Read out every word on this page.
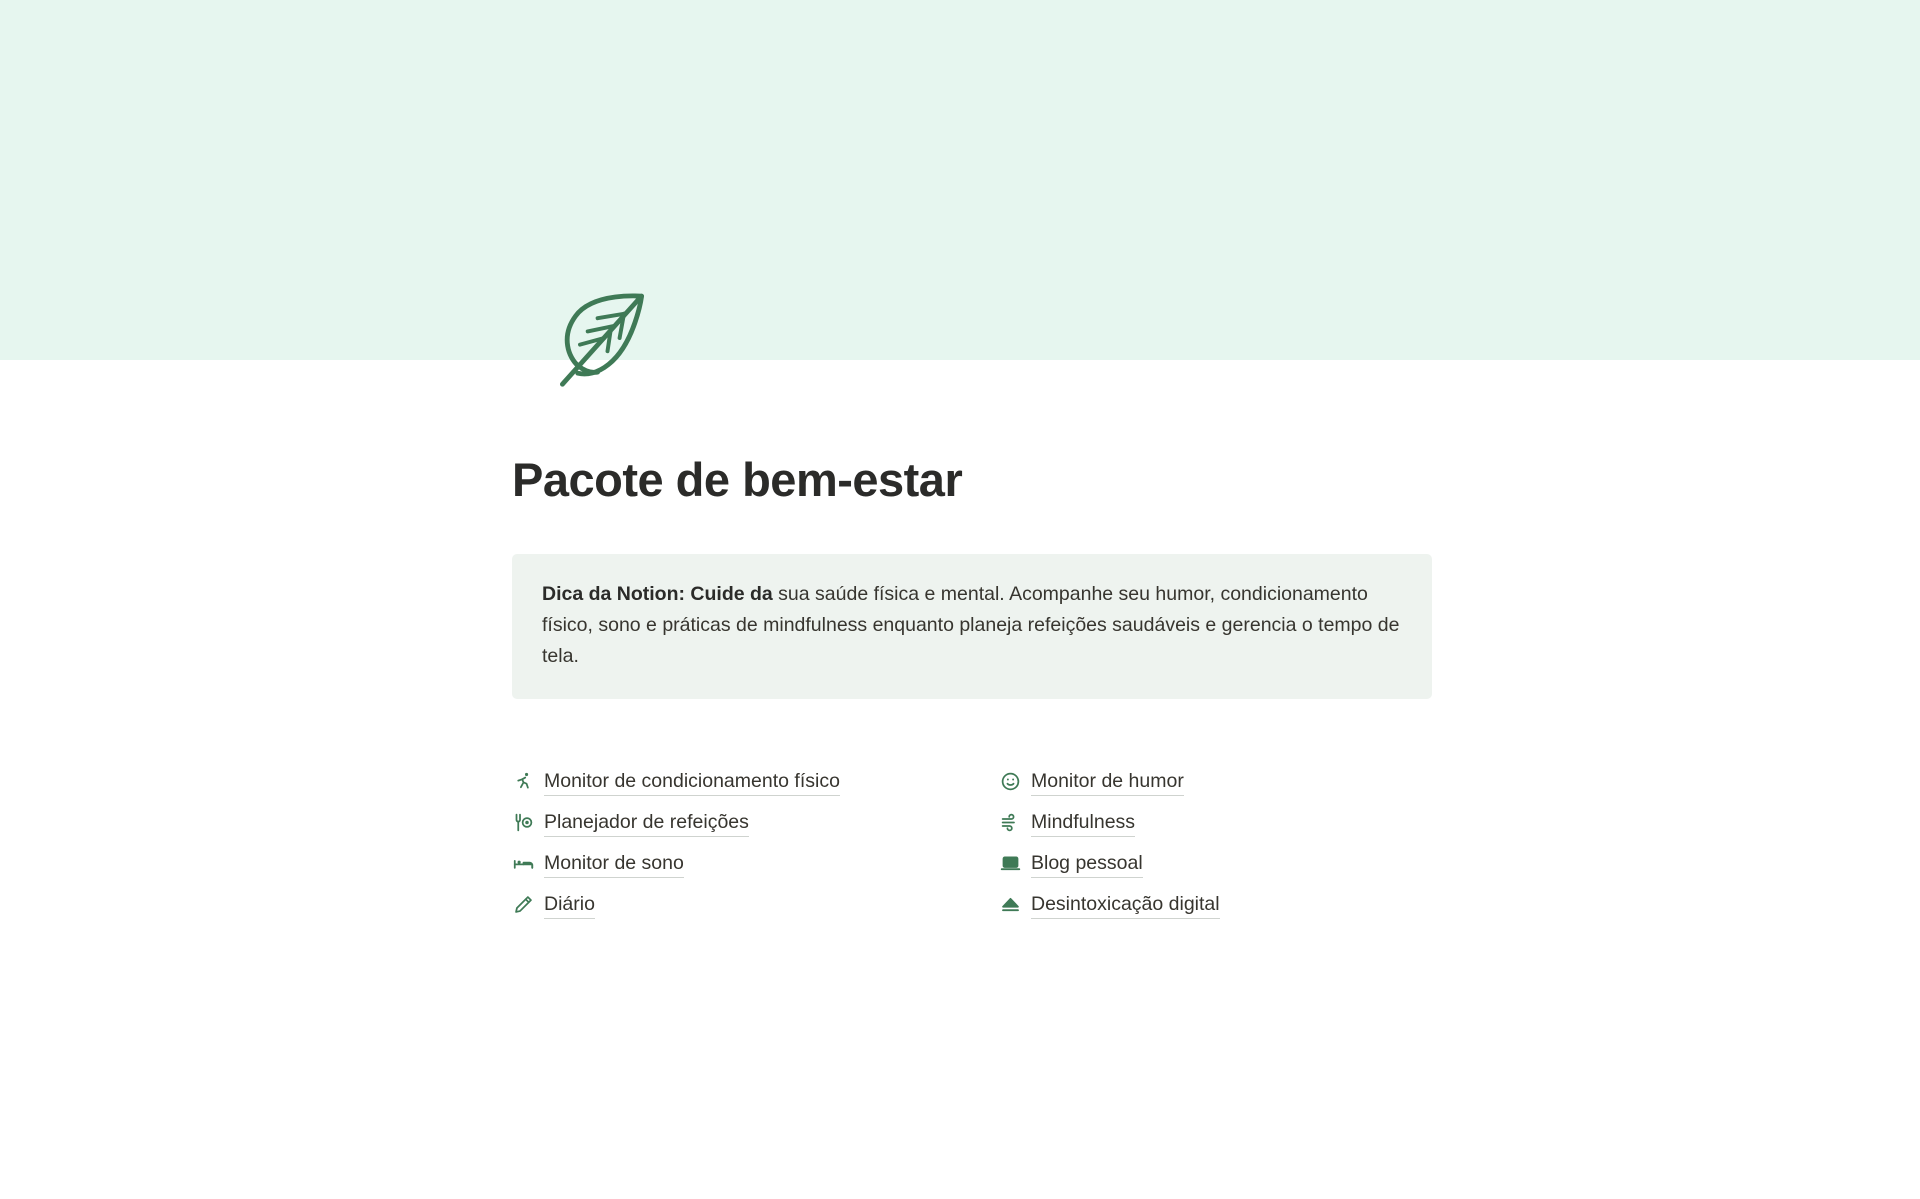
Pacote de bem-estar
Dica da Notion: Cuide da sua saúde física e mental. Acompanhe seu humor, condicionamento físico, sono e práticas de mindfulness enquanto planeja refeições saudáveis e gerencia o tempo de tela.
Monitor de condicionamento físico
Planejador de refeições
Monitor de sono
Diário
Monitor de humor
Mindfulness
Blog pessoal
Desintoxicação digital
